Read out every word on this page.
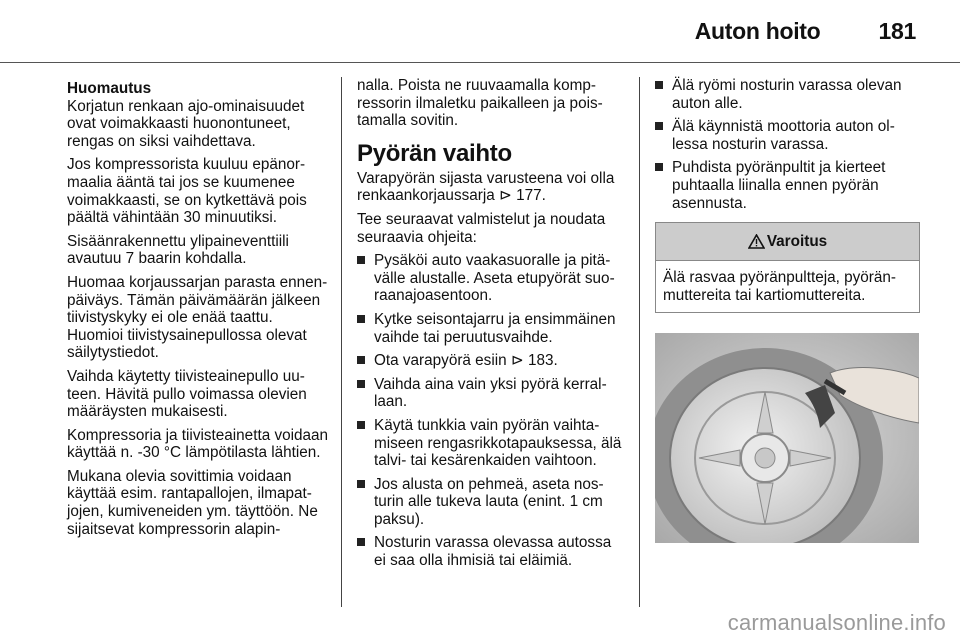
Auton hoito	181

Huomautus

Korjatun renkaan ajo-ominaisuudet ovat voimakkaasti huonontuneet, rengas on siksi vaihdettava.

Jos kompressorista kuuluu epänormaalia ääntä tai jos se kuumenee voimakkaasti, se on kytkettävä pois päältä vähintään 30 minuutiksi.

Sisäänrakennettu ylipaineventtiili avautuu 7 baarin kohdalla.

Huomaa korjaussarjan parasta ennen-päiväys. Tämän päivämäärän jälkeen tiivistyskyky ei ole enää taattu. Huomioi tiivistysainepullossa olevat säilytystiedot.

Vaihda käytetty tiivisteainepullo uuteen. Hävitä pullo voimassa olevien määräysten mukaisesti.

Kompressoria ja tiivisteainetta voidaan käyttää n. -30 °C lämpötilasta lähtien.

Mukana olevia sovittimia voidaan käyttää esim. rantapallojen, ilmapatjojen, kumiveneiden ym. täyttöön. Ne sijaitsevat kompressorin alapin-

nalla. Poista ne ruuvaamalla kompressorin ilmaletku paikalleen ja poistamalla sovitin.

Pyörän vaihto

Varapyörän sijasta varusteena voi olla renkaankorjaussarja ⊳ 177.

Tee seuraavat valmistelut ja noudata seuraavia ohjeita:

Pysäköi auto vaakasuoralle ja pitävälle alustalle. Aseta etupyörät suoraanajoasentoon.
Kytke seisontajarru ja ensimmäinen vaihde tai peruutusvaihde.
Ota varapyörä esiin ⊳ 183.
Vaihda aina vain yksi pyörä kerrallaan.
Käytä tunkkia vain pyörän vaihtamiseen rengasrikkotapauksessa, älä talvi- tai kesärenkaiden vaihtoon.
Jos alusta on pehmeä, aseta nosturin alle tukeva lauta (enint. 1 cm paksu).
Nosturin varassa olevassa autossa ei saa olla ihmisiä tai eläimiä.
Älä ryömi nosturin varassa olevan auton alle.
Älä käynnistä moottoria auton ollessa nosturin varassa.
Puhdista pyöränpultit ja kierteet puhtaalla liinalla ennen pyörän asennusta.
Varoitus
Älä rasvaa pyöränpultteja, pyöränmuttereita tai kartiomuttereita.
carmanualsonline.info
